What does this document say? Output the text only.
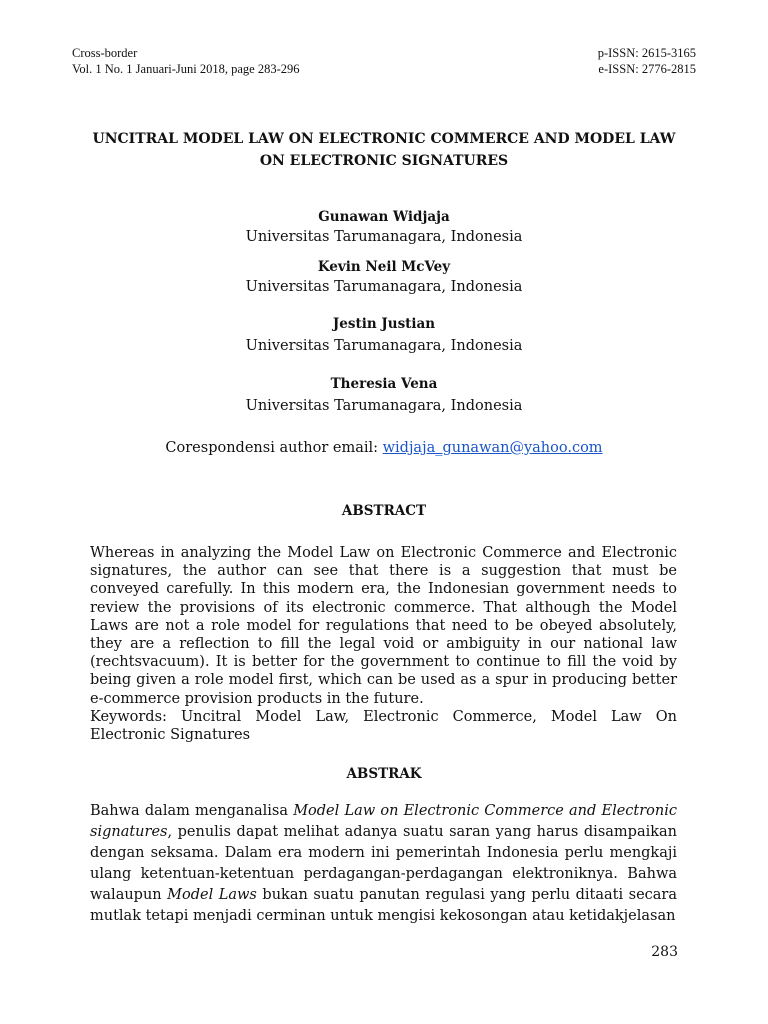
Cross-border
Vol. 1 No. 1 Januari-Juni 2018, page 283-296
p-ISSN: 2615-3165
e-ISSN: 2776-2815
UNCITRAL MODEL LAW ON ELECTRONIC COMMERCE AND MODEL LAW ON ELECTRONIC SIGNATURES
Gunawan Widjaja
Universitas Tarumanagara, Indonesia
Kevin Neil McVey
Universitas Tarumanagara, Indonesia
Jestin Justian
Universitas Tarumanagara, Indonesia
Theresia Vena
Universitas Tarumanagara, Indonesia
Corespondensi author email: widjaja_gunawan@yahoo.com
ABSTRACT

Whereas in analyzing the Model Law on Electronic Commerce and Electronic signatures, the author can see that there is a suggestion that must be conveyed carefully. In this modern era, the Indonesian government needs to review the provisions of its electronic commerce. That although the Model Laws are not a role model for regulations that need to be obeyed absolutely, they are a reflection to fill the legal void or ambiguity in our national law (rechtsvacuum). It is better for the government to continue to fill the void by being given a role model first, which can be used as a spur in producing better e-commerce provision products in the future.

Keywords: Uncitral Model Law, Electronic Commerce, Model Law On Electronic Signatures

ABSTRAK

Bahwa dalam menganalisa Model Law on Electronic Commerce and Electronic signatures, penulis dapat melihat adanya suatu saran yang harus disampaikan dengan seksama. Dalam era modern ini pemerintah Indonesia perlu mengkaji ulang ketentuan-ketentuan perdagangan-perdagangan elektroniknya. Bahwa walaupun Model Laws bukan suatu panutan regulasi yang perlu ditaati secara mutlak tetapi menjadi cerminan untuk mengisi kekosongan atau ketidakjelasan

283
